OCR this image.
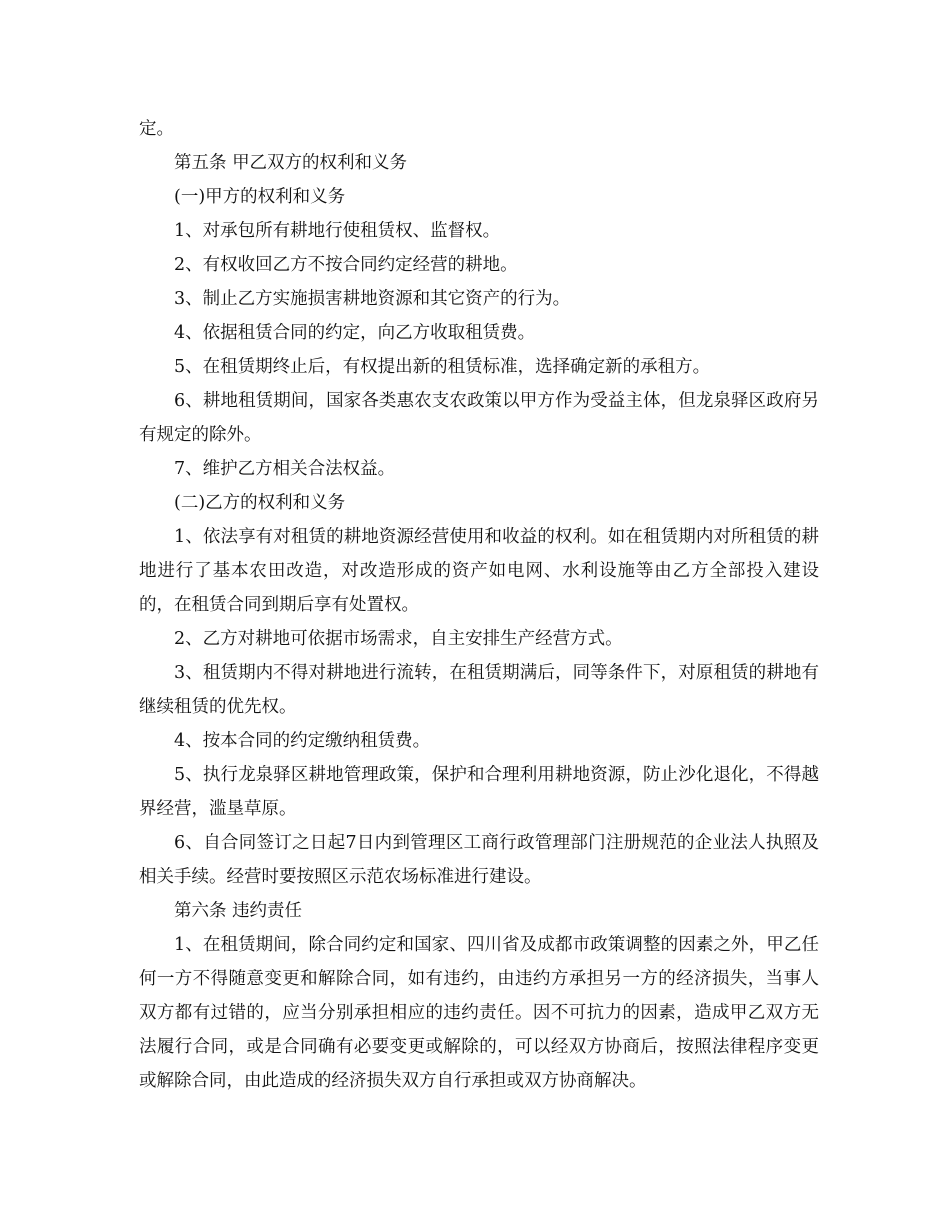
定。

第五条 甲乙双方的权利和义务

(一)甲方的权利和义务

1、对承包所有耕地行使租赁权、监督权。

2、有权收回乙方不按合同约定经营的耕地。

3、制止乙方实施损害耕地资源和其它资产的行为。

4、依据租赁合同的约定，向乙方收取租赁费。

5、在租赁期终止后，有权提出新的租赁标准，选择确定新的承租方。

6、耕地租赁期间，国家各类惠农支农政策以甲方作为受益主体，但龙泉驿区政府另有规定的除外。

7、维护乙方相关合法权益。

(二)乙方的权利和义务

1、依法享有对租赁的耕地资源经营使用和收益的权利。如在租赁期内对所租赁的耕地进行了基本农田改造，对改造形成的资产如电网、水利设施等由乙方全部投入建设的，在租赁合同到期后享有处置权。

2、乙方对耕地可依据市场需求，自主安排生产经营方式。

3、租赁期内不得对耕地进行流转，在租赁期满后，同等条件下，对原租赁的耕地有继续租赁的优先权。

4、按本合同的约定缴纳租赁费。

5、执行龙泉驿区耕地管理政策，保护和合理利用耕地资源，防止沙化退化，不得越界经营，滥垦草原。

6、自合同签订之日起7日内到管理区工商行政管理部门注册规范的企业法人执照及相关手续。经营时要按照区示范农场标准进行建设。

第六条 违约责任

1、在租赁期间，除合同约定和国家、四川省及成都市政策调整的因素之外，甲乙任何一方不得随意变更和解除合同，如有违约，由违约方承担另一方的经济损失，当事人双方都有过错的，应当分别承担相应的违约责任。因不可抗力的因素，造成甲乙双方无法履行合同，或是合同确有必要变更或解除的，可以经双方协商后，按照法律程序变更或解除合同，由此造成的经济损失双方自行承担或双方协商解决。
